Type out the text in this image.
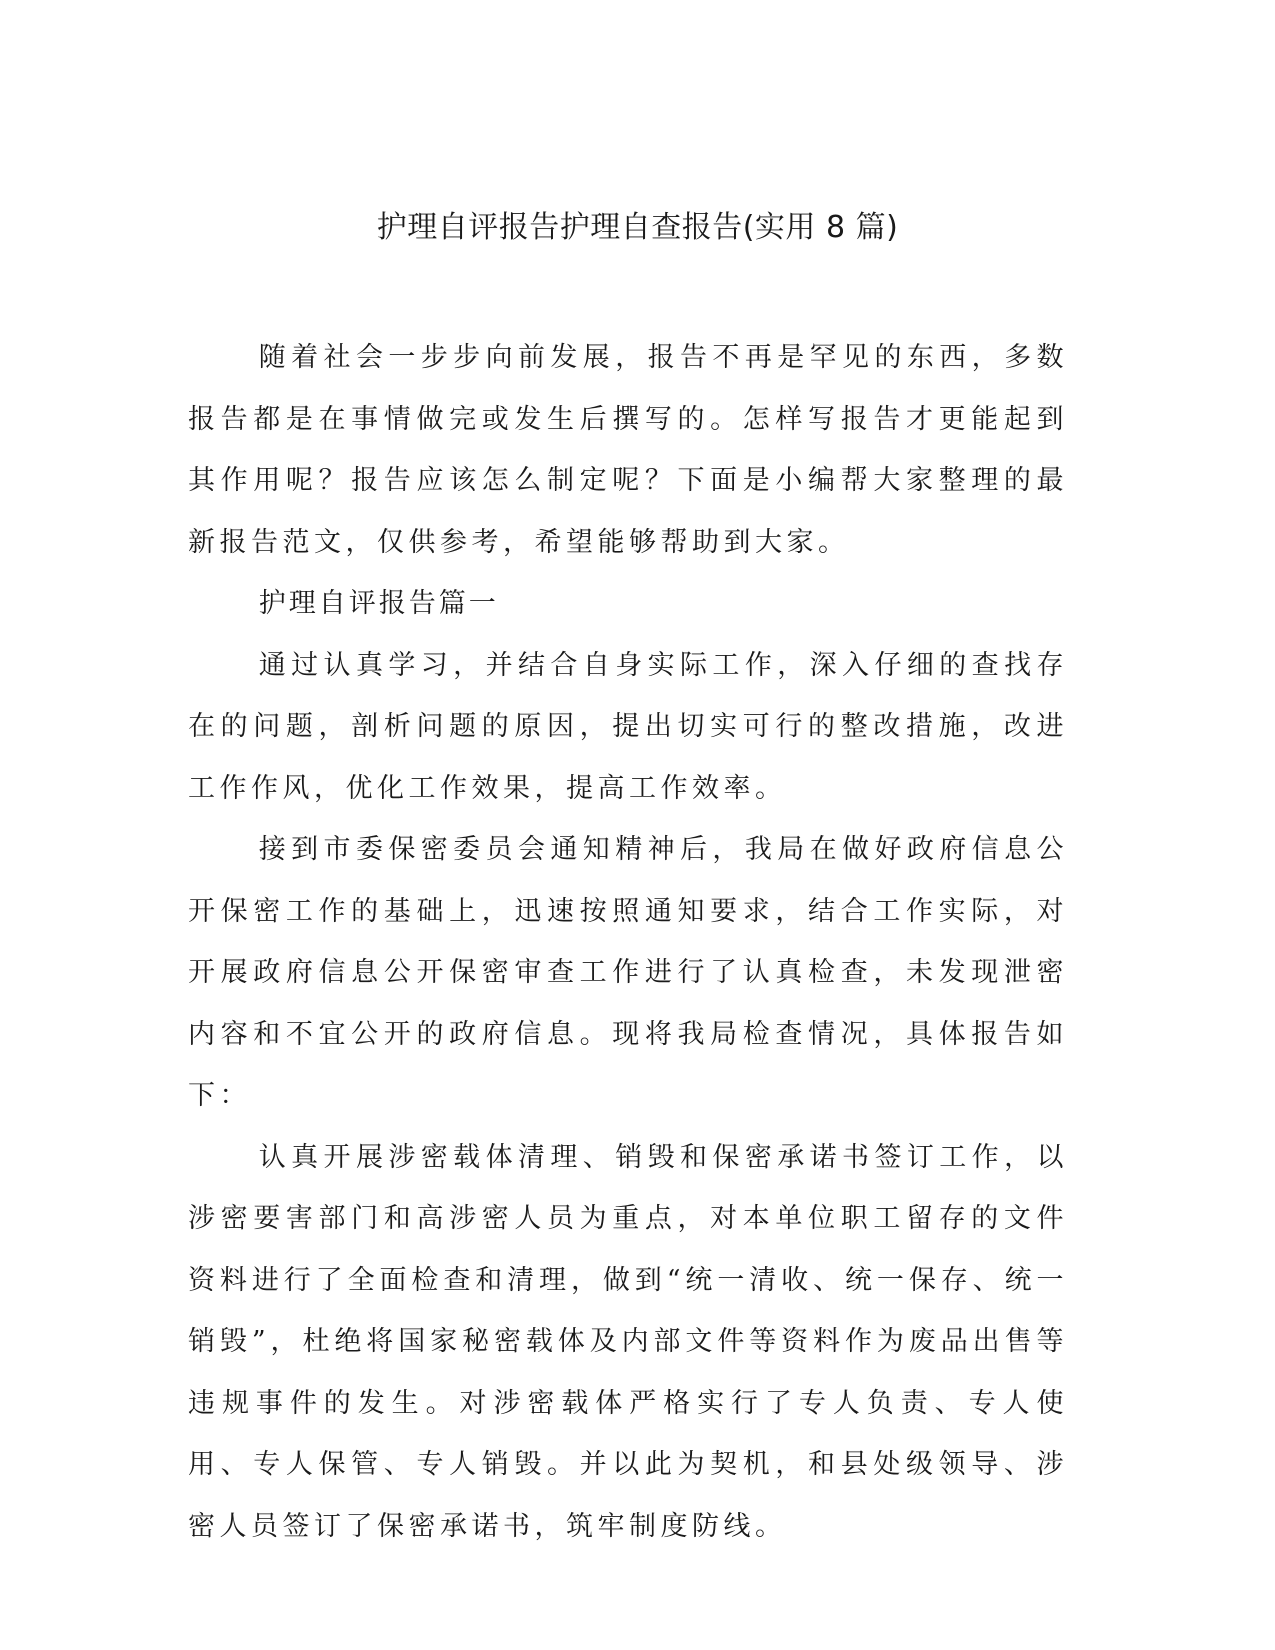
护理自评报告护理自查报告(实用 8 篇)

随着社会一步步向前发展，报告不再是罕见的东西，多数报告都是在事情做完或发生后撰写的。怎样写报告才更能起到其作用呢？报告应该怎么制定呢？下面是小编帮大家整理的最新报告范文，仅供参考，希望能够帮助到大家。

护理自评报告篇一

通过认真学习，并结合自身实际工作，深入仔细的查找存在的问题，剖析问题的原因，提出切实可行的整改措施，改进工作作风，优化工作效果，提高工作效率。

接到市委保密委员会通知精神后，我局在做好政府信息公开保密工作的基础上，迅速按照通知要求，结合工作实际，对开展政府信息公开保密审查工作进行了认真检查，未发现泄密内容和不宜公开的政府信息。现将我局检查情况，具体报告如下：

认真开展涉密载体清理、销毁和保密承诺书签订工作，以涉密要害部门和高涉密人员为重点，对本单位职工留存的文件资料进行了全面检查和清理，做到“统一清收、统一保存、统一销毁”，杜绝将国家秘密载体及内部文件等资料作为废品出售等违规事件的发生。对涉密载体严格实行了专人负责、专人使用、专人保管、专人销毁。并以此为契机，和县处级领导、涉密人员签订了保密承诺书，筑牢制度防线。
